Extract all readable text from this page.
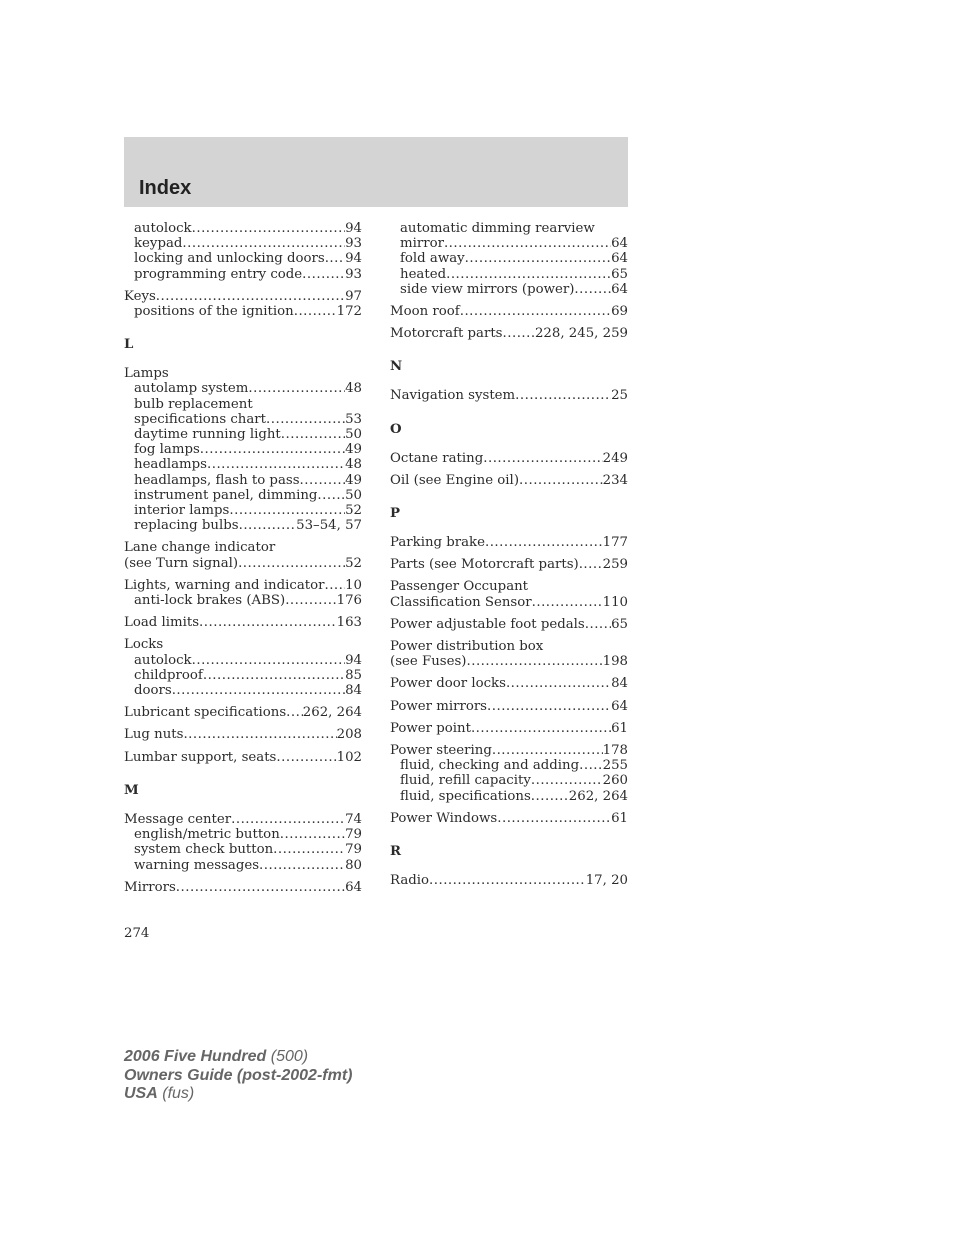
Index
autolock .....	94
keypad .....	93
locking and unlocking doors ..... 94
programming entry code .....	93
Keys .....	97
positions of the ignition .....	172
L
Lamps
autolamp system .....	48
bulb replacement
specifications chart .....	53
daytime running light .....	50
fog lamps .....	49
headlamps .....	48
headlamps, flash to pass .....	49
instrument panel, dimming ..... 50
interior lamps .....	52
replacing bulbs .....	53–54, 57
Lane change indicator
(see Turn signal) .....	52
Lights, warning and indicator ..... 10
anti-lock brakes (ABS) .....	176
Load limits .....	163
Locks
autolock .....	94
childproof .....	85
doors .....	84
Lubricant specifications ..... 262, 264
Lug nuts .....	208
Lumbar support, seats .....	102
M
Message center .....	74
english/metric button .....	79
system check button .....	79
warning messages .....	80
Mirrors .....	64
automatic dimming rearview
mirror .....	64
fold away .....	64
heated .....	65
side view mirrors (power) .....	64
Moon roof .....	69
Motorcraft parts ..... 228, 245, 259
N
Navigation system .....	25
O
Octane rating .....	249
Oil (see Engine oil) .....	234
P
Parking brake .....	177
Parts (see Motorcraft parts) ..... 259
Passenger Occupant
Classification Sensor .....	110
Power adjustable foot pedals ..... 65
Power distribution box
(see Fuses) .....	198
Power door locks .....	84
Power mirrors .....	64
Power point .....	61
Power steering .....	178
fluid, checking and adding ..... 255
fluid, refill capacity .....	260
fluid, specifications .....	262, 264
Power Windows .....	61
R
Radio .....	17, 20
274
2006 Five Hundred (500)
Owners Guide (post-2002-fmt)
USA (fus)
